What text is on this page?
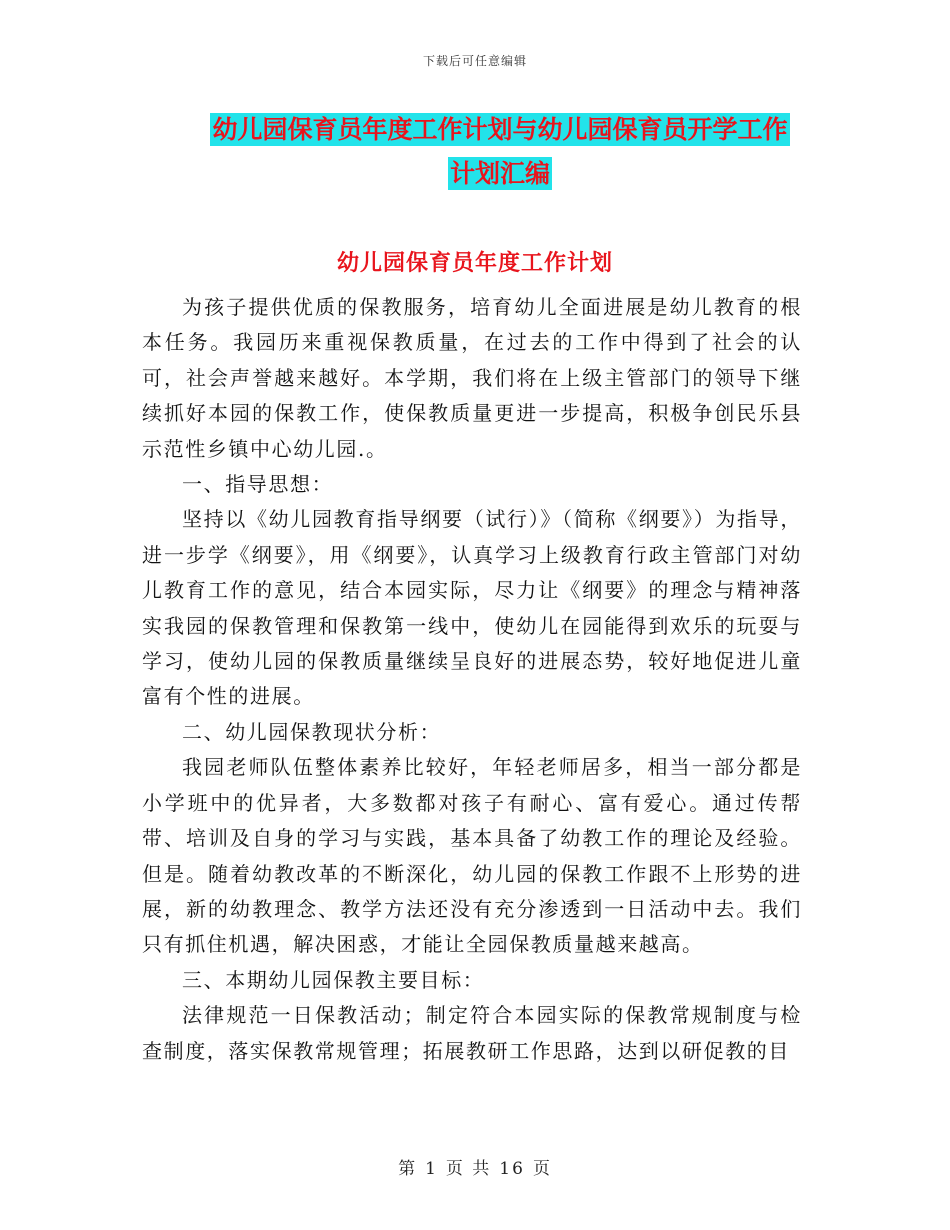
下载后可任意编辑
幼儿园保育员年度工作计划与幼儿园保育员开学工作
计划汇编
幼儿园保育员年度工作计划

为孩子提供优质的保教服务，培育幼儿全面进展是幼儿教育的根本任务。我园历来重视保教质量，在过去的工作中得到了社会的认可，社会声誉越来越好。本学期，我们将在上级主管部门的领导下继续抓好本园的保教工作，使保教质量更进一步提高，积极争创民乐县示范性乡镇中心幼儿园.。

一、指导思想：

坚持以《幼儿园教育指导纲要（试行）》（简称《纲要》）为指导，进一步学《纲要》，用《纲要》，认真学习上级教育行政主管部门对幼儿教育工作的意见，结合本园实际，尽力让《纲要》的理念与精神落实我园的保教管理和保教第一线中，使幼儿在园能得到欢乐的玩耍与学习，使幼儿园的保教质量继续呈良好的进展态势，较好地促进儿童富有个性的进展。

二、幼儿园保教现状分析：

我园老师队伍整体素养比较好，年轻老师居多，相当一部分都是小学班中的优异者，大多数都对孩子有耐心、富有爱心。通过传帮带、培训及自身的学习与实践，基本具备了幼教工作的理论及经验。但是。随着幼教改革的不断深化，幼儿园的保教工作跟不上形势的进展，新的幼教理念、教学方法还没有充分渗透到一日活动中去。我们只有抓住机遇，解决困惑，才能让全园保教质量越来越高。

三、本期幼儿园保教主要目标：

法律规范一日保教活动；制定符合本园实际的保教常规制度与检查制度，落实保教常规管理；拓展教研工作思路，达到以研促教的目

第 1 页 共 16 页
